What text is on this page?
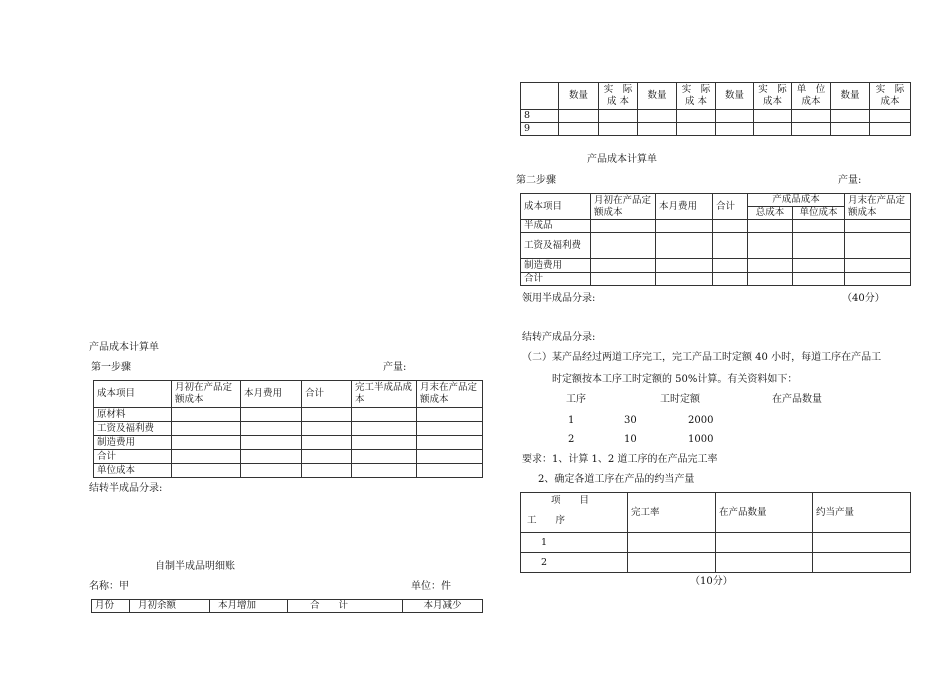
	数量	实　际成 本	数量	实　际成 本	数量	实　际成本	单　位成本	数量	实　际成本
8									
9									
产品成本计算单
第二步骤	产量:
成本项目	月初在产品定额成本	本月费用	合计	产成品成本		月末在产品定额成本
				总成本	单位成本	
半成品						
工资及福利费						
制造费用						
合计						
领用半成品分录:	（40分）
结转产成品分录:
（二）某产品经过两道工序完工，完工产品工时定额 40 小时，每道工序在产品工
时定额按本工序工时定额的 50%计算。有关资料如下：
工序	工时定额	在产品数量
1	30	2000
2	10	1000
要求：1、计算 1、2 道工序的在产品完工率
2、确定各道工序在产品的约当产量
项　　目
工　　序	完工率	在产品数量	约当产量
1			
2			
（10分）
产品成本计算单
第一步骤	产量:
成本项目	月初在产品定额成本	本月费用	合计	完工半成品成本	月末在产品定额成本
原材料					
工资及福利费					
制造费用					
合计					
单位成本					
结转半成品分录:
自制半成品明细账
名称：甲	单位：件
月份	月初余额	本月增加	合　　计	本月减少
